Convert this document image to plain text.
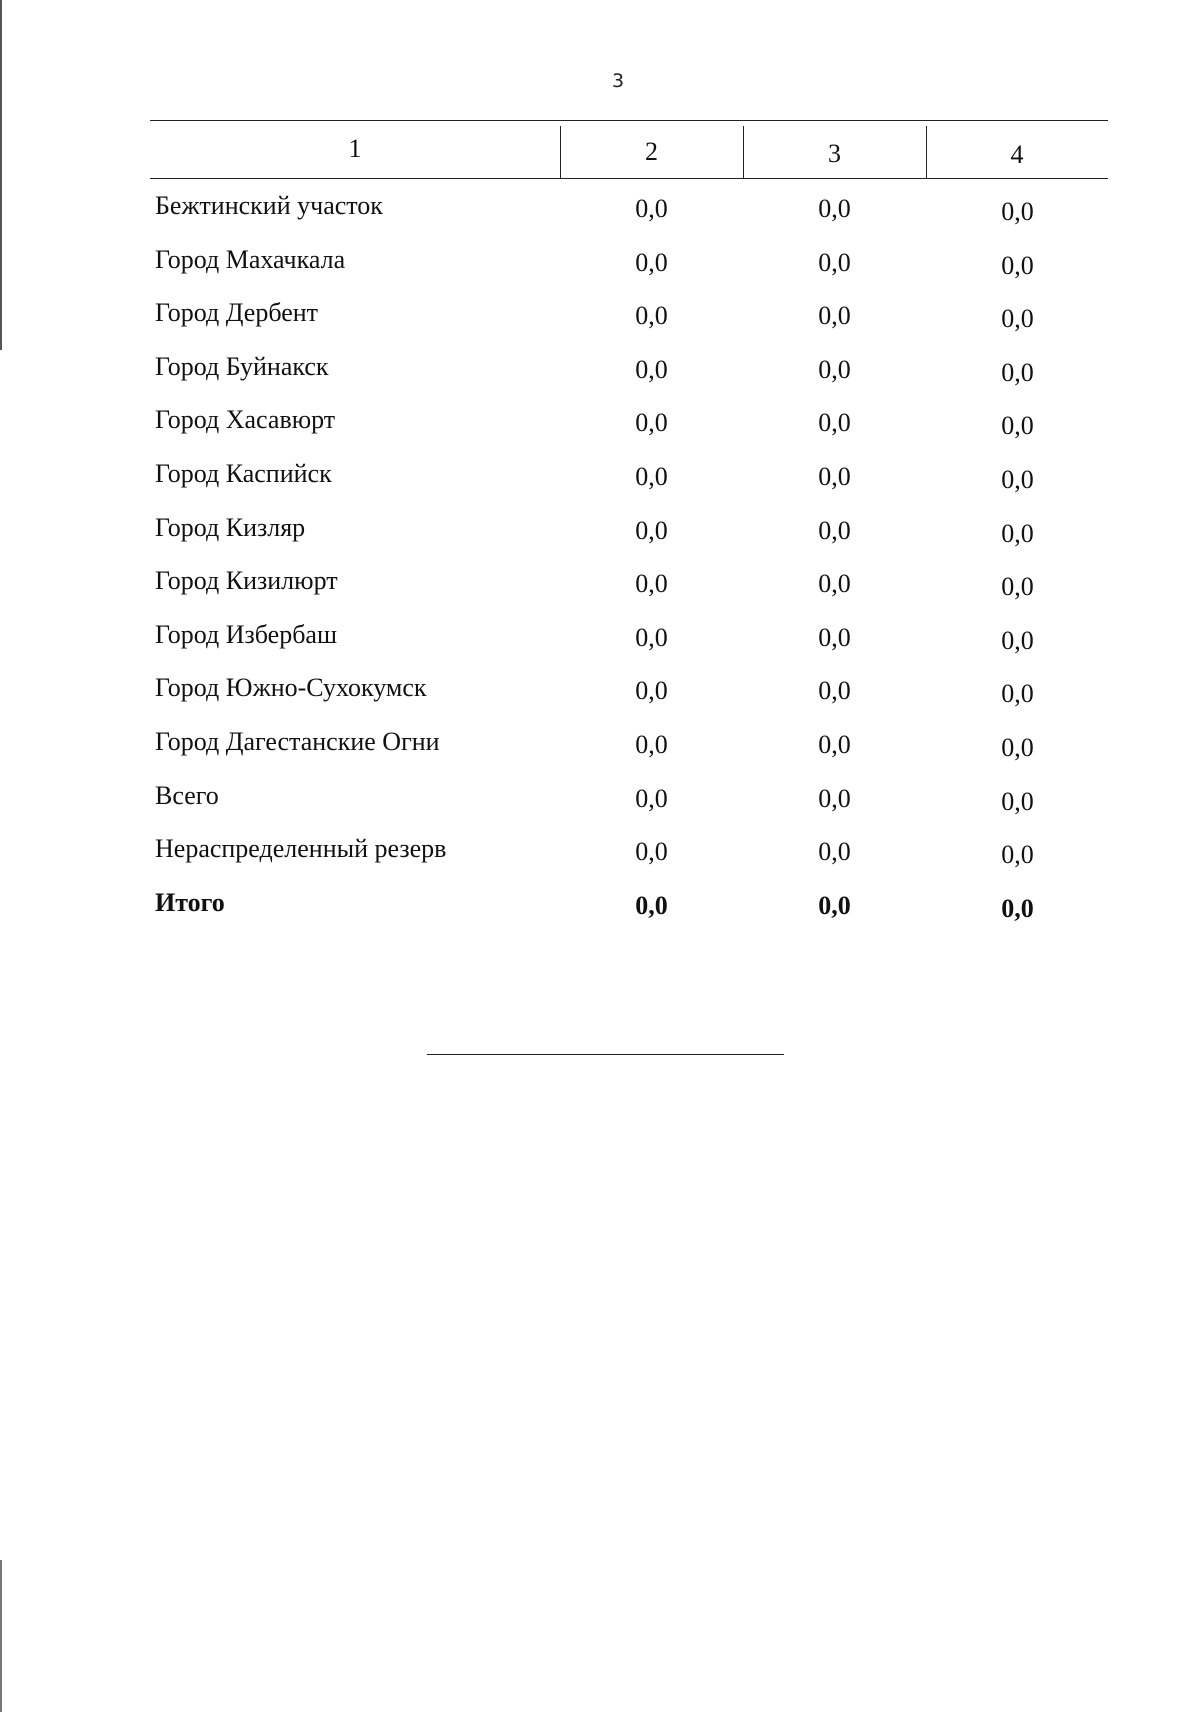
3
1	2	3	4
Бежтинский участок	0,0	0,0	0,0
Город Махачкала	0,0	0,0	0,0
Город Дербент	0,0	0,0	0,0
Город Буйнакск	0,0	0,0	0,0
Город Хасавюрт	0,0	0,0	0,0
Город Каспийск	0,0	0,0	0,0
Город Кизляр	0,0	0,0	0,0
Город Кизилюрт	0,0	0,0	0,0
Город Избербаш	0,0	0,0	0,0
Город Южно-Сухокумск	0,0	0,0	0,0
Город Дагестанские Огни	0,0	0,0	0,0
Всего	0,0	0,0	0,0
Нераспределенный резерв	0,0	0,0	0,0
Итого	0,0	0,0	0,0
